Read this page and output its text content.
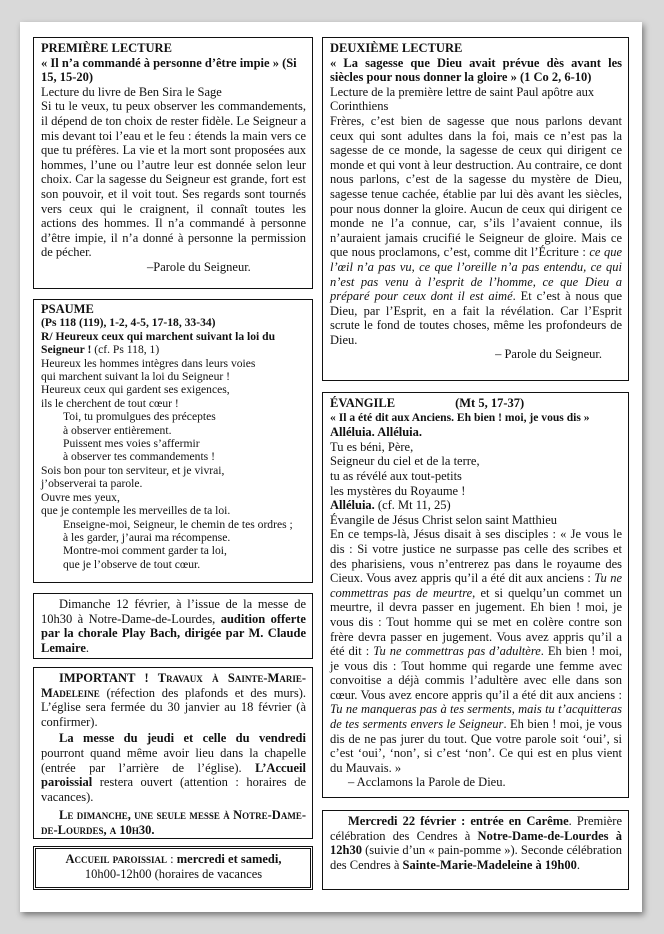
PREMIÈRE LECTURE
« Il n’a commandé à personne d’être impie » (Si 15, 15-20)
Lecture du livre de Ben Sira le Sage

Si tu le veux, tu peux observer les commandements, il dépend de ton choix de rester fidèle. Le Seigneur a mis devant toi l’eau et le feu : étends la main vers ce que tu préfères. La vie et la mort sont proposées aux hommes, l’une ou l’autre leur est donnée selon leur choix. Car la sagesse du Seigneur est grande, fort est son pouvoir, et il voit tout. Ses regards sont tournés vers ceux qui le craignent, il connaît toutes les actions des hommes. Il n’a commandé à personne d’être impie, il n’a donné à personne la permission de pécher.

–Parole du Seigneur.
PSAUME
(Ps 118 (119), 1-2, 4-5, 17-18, 33-34)
R/ Heureux ceux qui marchent suivant la loi du Seigneur ! (cf. Ps 118, 1)
Heureux les hommes intègres dans leurs voies
qui marchent suivant la loi du Seigneur !
Heureux ceux qui gardent ses exigences,
ils le cherchent de tout cœur !
Toi, tu promulgues des préceptes
à observer entièrement.
Puissent mes voies s’affermir
à observer tes commandements !
Sois bon pour ton serviteur, et je vivrai,
j’observerai ta parole.
Ouvre mes yeux,
que je contemple les merveilles de ta loi.
Enseigne-moi, Seigneur, le chemin de tes ordres ;
à les garder, j’aurai ma récompense.
Montre-moi comment garder ta loi,
que je l’observe de tout cœur.

Dimanche 12 février, à l’issue de la messe de 10h30 à Notre-Dame-de-Lourdes, audition offerte par la chorale Play Bach, dirigée par M. Claude Lemaire.

IMPORTANT ! Travaux à Sainte-Marie-Madeleine (réfection des plafonds et des murs). L’église sera fermée du 30 janvier au 18 février (à confirmer).

La messe du jeudi et celle du vendredi pourront quand même avoir lieu dans la chapelle (entrée par l’arrière de l’église). L’Accueil paroissial restera ouvert (attention : horaires de vacances).

Le dimanche, une seule messe à Notre-Dame-de-Lourdes, a 10h30.

Accueil paroissial : mercredi et samedi,
10h00-12h00 (horaires de vacances
DEUXIÈME LECTURE
« La sagesse que Dieu avait prévue dès avant les siècles pour nous donner la gloire » (1 Co 2, 6-10)
Lecture de la première lettre de saint Paul apôtre aux Corinthiens

Frères, c’est bien de sagesse que nous parlons devant ceux qui sont adultes dans la foi, mais ce n’est pas la sagesse de ce monde, la sagesse de ceux qui dirigent ce monde et qui vont à leur destruction. Au contraire, ce dont nous parlons, c’est de la sagesse du mystère de Dieu, sagesse tenue cachée, établie par lui dès avant les siècles, pour nous donner la gloire. Aucun de ceux qui dirigent ce monde ne l’a connue, car, s’ils l’avaient connue, ils n’auraient jamais crucifié le Seigneur de gloire. Mais ce que nous proclamons, c’est, comme dit l’Écriture : ce que l’œil n’a pas vu, ce que l’oreille n’a pas entendu, ce qui n’est pas venu à l’esprit de l’homme, ce que Dieu a préparé pour ceux dont il est aimé. Et c’est à nous que Dieu, par l’Esprit, en a fait la révélation. Car l’Esprit scrute le fond de toutes choses, même les profondeurs de Dieu.

– Parole du Seigneur.
ÉVANGILE	(Mt 5, 17-37)
« Il a été dit aux Anciens. Eh bien ! moi, je vous dis »
Alléluia. Alléluia.
Tu es béni, Père,
Seigneur du ciel et de la terre,
tu as révélé aux tout-petits
les mystères du Royaume !
Alléluia. (cf. Mt 11, 25)
Évangile de Jésus Christ selon saint Matthieu

En ce temps-là, Jésus disait à ses disciples : « Je vous le dis : Si votre justice ne surpasse pas celle des scribes et des pharisiens, vous n’entrerez pas dans le royaume des Cieux. Vous avez appris qu’il a été dit aux anciens : Tu ne commettras pas de meurtre, et si quelqu’un commet un meurtre, il devra passer en jugement. Eh bien ! moi, je vous dis : Tout homme qui se met en colère contre son frère devra passer en jugement. Vous avez appris qu’il a été dit : Tu ne commettras pas d’adultère. Eh bien ! moi, je vous dis : Tout homme qui regarde une femme avec convoitise a déjà commis l’adultère avec elle dans son cœur. Vous avez encore appris qu’il a été dit aux anciens : Tu ne manqueras pas à tes serments, mais tu t’acquitteras de tes serments envers le Seigneur. Eh bien ! moi, je vous dis de ne pas jurer du tout. Que votre parole soit ‘oui’, si c’est ‘oui’, ‘non’, si c’est ‘non’. Ce qui est en plus vient du Mauvais. »

– Acclamons la Parole de Dieu.

Mercredi 22 février : entrée en Carême. Première célébration des Cendres à Notre-Dame-de-Lourdes à 12h30 (suivie d’un « pain-pomme »). Seconde célébration des Cendres à Sainte-Marie-Madeleine à 19h00.
